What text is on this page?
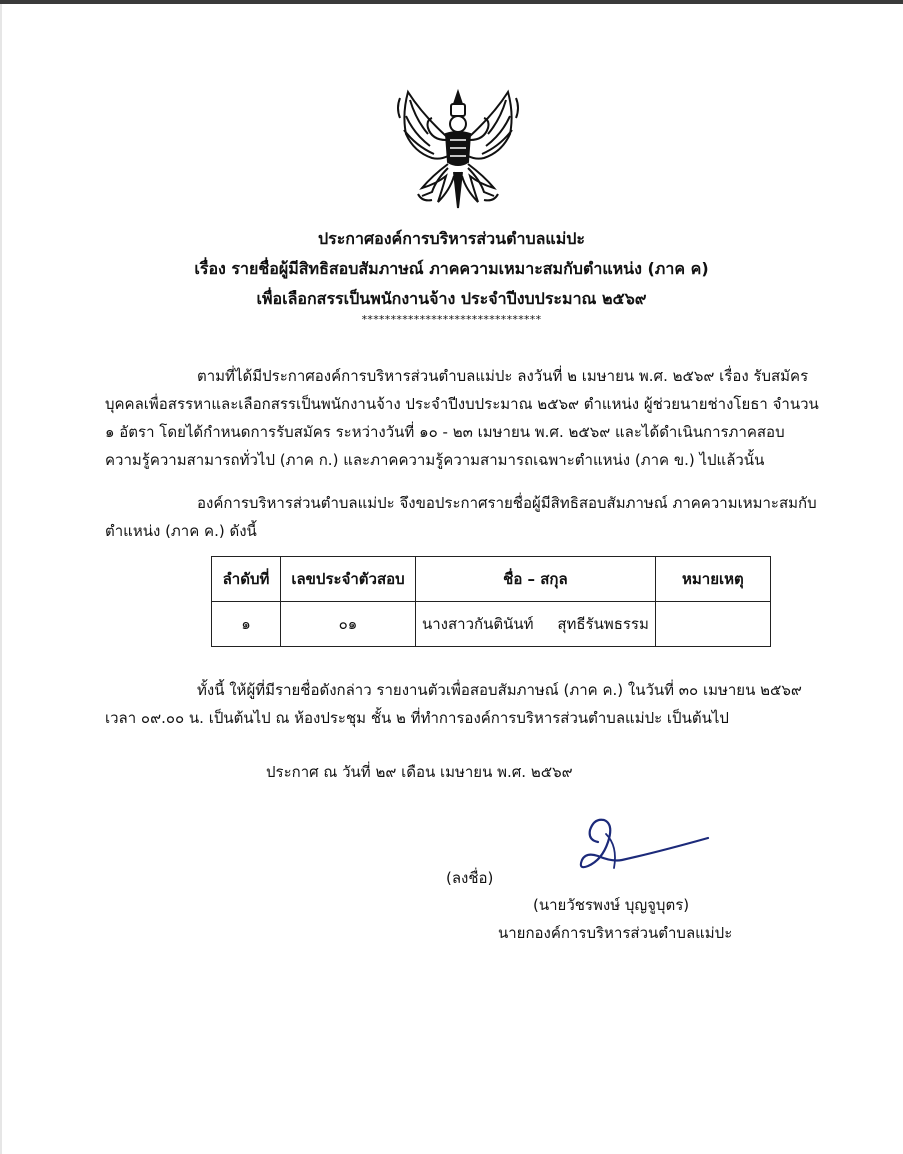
ประกาศองค์การบริหารส่วนตำบลแม่ปะ
เรื่อง รายชื่อผู้มีสิทธิสอบสัมภาษณ์ ภาคความเหมาะสมกับตำแหน่ง (ภาค ค)
เพื่อเลือกสรรเป็นพนักงานจ้าง ประจำปีงบประมาณ ๒๕๖๙
*******************************
ตามที่ได้มีประกาศองค์การบริหารส่วนตำบลแม่ปะ ลงวันที่ ๒ เมษายน พ.ศ. ๒๕๖๙ เรื่อง รับสมัคร
บุคคลเพื่อสรรหาและเลือกสรรเป็นพนักงานจ้าง ประจำปีงบประมาณ ๒๕๖๙ ตำแหน่ง ผู้ช่วยนายช่างโยธา จำนวน
๑ อัตรา โดยได้กำหนดการรับสมัคร ระหว่างวันที่ ๑๐ - ๒๓ เมษายน พ.ศ. ๒๕๖๙ และได้ดำเนินการภาคสอบ
ความรู้ความสามารถทั่วไป (ภาค ก.) และภาคความรู้ความสามารถเฉพาะตำแหน่ง (ภาค ข.) ไปแล้วนั้น
องค์การบริหารส่วนตำบลแม่ปะ จึงขอประกาศรายชื่อผู้มีสิทธิสอบสัมภาษณ์ ภาคความเหมาะสมกับ
ตำแหน่ง (ภาค ค.) ดังนี้
ลำดับที่	เลขประจำตัวสอบ	ชื่อ – สกุล	หมายเหตุ
๑	๐๑	นางสาวกันตินันท์     สุทธีรันพธรรม	
ทั้งนี้ ให้ผู้ที่มีรายชื่อดังกล่าว รายงานตัวเพื่อสอบสัมภาษณ์ (ภาค ค.) ในวันที่ ๓๐ เมษายน ๒๕๖๙
เวลา ๐๙.๐๐ น. เป็นต้นไป ณ ห้องประชุม ชั้น ๒ ที่ทำการองค์การบริหารส่วนตำบลแม่ปะ เป็นต้นไป
ประกาศ ณ วันที่ ๒๙ เดือน เมษายน พ.ศ. ๒๕๖๙
(ลงชื่อ)
(นายวัชรพงษ์ บุญจูบุตร)
นายกองค์การบริหารส่วนตำบลแม่ปะ
